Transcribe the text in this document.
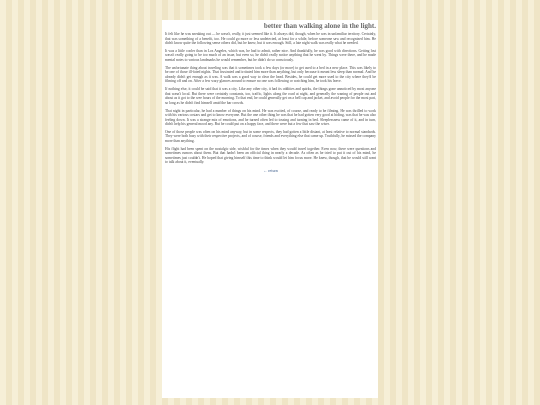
better than walking alone in the light.

It felt like he was sneaking out — he wasn't, really, it just seemed like it. It always did, though, when he was in unfamiliar territory. Certainly, that was something of a benefit, too. He could go more or less undetected, at least for a while, before someone saw and recognized him. He didn't know quite the following sense others did, but he knew, but it was enough. Still, a late night walk was really what he needed.

It was a little cooler than in Los Angeles, which was, he had to admit, rather nice. And thankfully, he was good with directions. Getting lost wasn't really going to be too much of an issue, but even so, he didn't really notice anything that he went by. Things were there, and he made mental notes to various landmarks he would remember, but he didn't do so consciously.

The unfortunate thing about traveling was that it sometimes took a few days (or more) to get used to a bed in a new place. This was likely to be one of those ill-fated nights. That frustrated and irritated him more than anything, but only because it meant less sleep than normal. And he already didn't get enough as it was. A walk was a good way to clear the head. Besides, he could get more used to the city where they'd be filming off and on. After a few wary glances around to ensure no one was following or watching him, he took his leave.

If nothing else, it could be said that it was a city. Like any other city, it had its oddities and quirks, the things gone unnoticed by most anyone that wasn't local. But there were certainly constants, too, traffic, lights along the road at night, and generally the waning of people out and about as it got to the wee hours of the morning. To that end, he could generally get on a bell cap and jacket, and avoid people for the most part, so long as he didn't find himself amid the bar crowds.

That night in particular, he had a number of things on his mind. He was excited, of course, and ready to be filming. He was thrilled to work with his various costars and get to know everyone. But the one other thing he was that he had gotten very good at hiding, was that he was also feeling down. It was a strange mix of emotions, and he turned often led to tossing and turning in bed. Sleeplessness came of it, and in turn, didn't help his general mood any. But he could put on a happy face, and there were but a few that saw the wiser.

One of those people was often on his mind anyway, but in some respects, they had gotten a little distant, at least relative to normal standards. They were both busy with their respective projects, and of course, friends and everything else that came up. Truthfully, he missed the company more than anything.

His flight had been spent on the nostalgic side, wishful for the times when they would travel together. Even now, there were questions and sometimes rumors about them. But that hadn't been an official thing in nearly a decade. As often as he tried to put it out of his mind, he sometimes just couldn't. He hoped that giving himself this time to think would let him focus more. He knew, though, that he would still want to talk about it, eventually.

← return
